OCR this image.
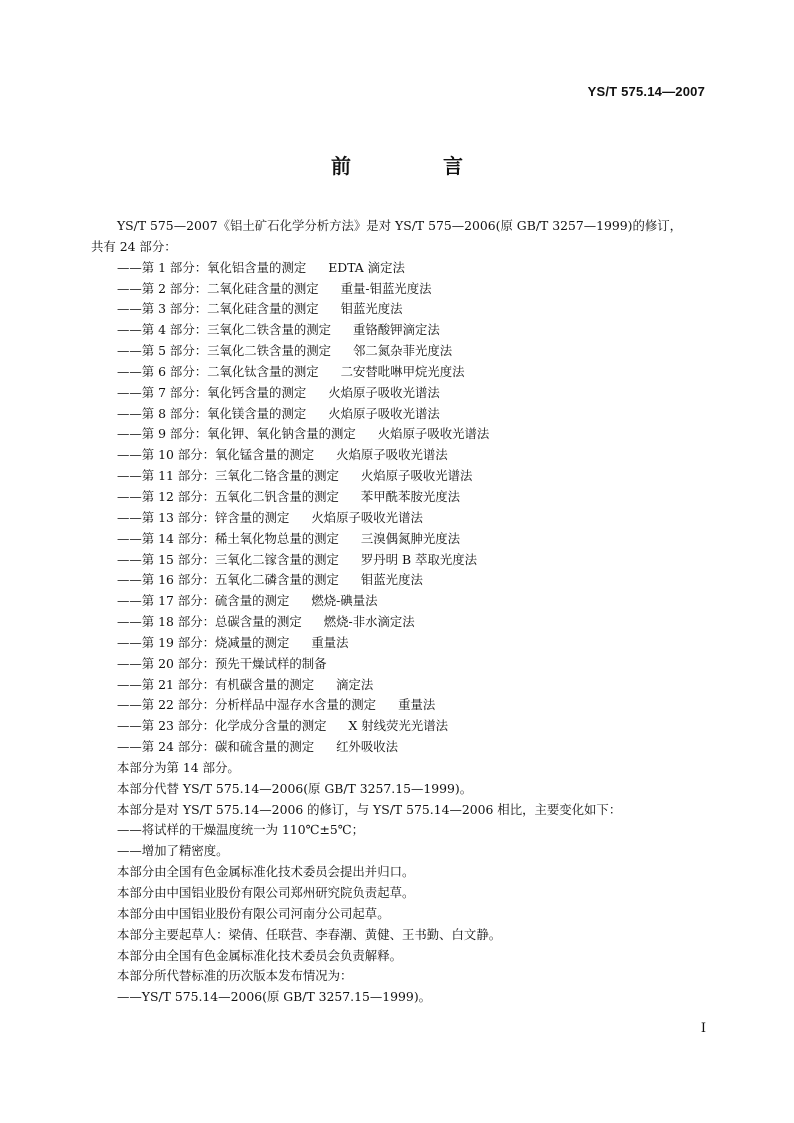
YS/T 575.14—2007
前　言

YS/T 575—2007《铝土矿石化学分析方法》是对 YS/T 575—2006(原 GB/T 3257—1999)的修订，

共有 24 部分：

——第 1 部分：氧化铝含量的测定 EDTA 滴定法

——第 2 部分：二氧化硅含量的测定 重量-钼蓝光度法

——第 3 部分：二氧化硅含量的测定 钼蓝光度法

——第 4 部分：三氧化二铁含量的测定 重铬酸钾滴定法

——第 5 部分：三氧化二铁含量的测定 邻二氮杂菲光度法

——第 6 部分：二氧化钛含量的测定 二安替吡啉甲烷光度法

——第 7 部分：氧化钙含量的测定 火焰原子吸收光谱法

——第 8 部分：氧化镁含量的测定 火焰原子吸收光谱法

——第 9 部分：氧化钾、氧化钠含量的测定 火焰原子吸收光谱法

——第 10 部分：氧化锰含量的测定 火焰原子吸收光谱法

——第 11 部分：三氧化二铬含量的测定 火焰原子吸收光谱法

——第 12 部分：五氧化二钒含量的测定 苯甲酰苯胺光度法

——第 13 部分：锌含量的测定 火焰原子吸收光谱法

——第 14 部分：稀土氧化物总量的测定 三溴偶氮胂光度法

——第 15 部分：三氧化二镓含量的测定 罗丹明 B 萃取光度法

——第 16 部分：五氧化二磷含量的测定 钼蓝光度法

——第 17 部分：硫含量的测定 燃烧-碘量法

——第 18 部分：总碳含量的测定 燃烧-非水滴定法

——第 19 部分：烧减量的测定 重量法

——第 20 部分：预先干燥试样的制备

——第 21 部分：有机碳含量的测定 滴定法

——第 22 部分：分析样品中湿存水含量的测定 重量法

——第 23 部分：化学成分含量的测定 X 射线荧光光谱法

——第 24 部分：碳和硫含量的测定 红外吸收法

本部分为第 14 部分。

本部分代替 YS/T 575.14—2006(原 GB/T 3257.15—1999)。

本部分是对 YS/T 575.14—2006 的修订，与 YS/T 575.14—2006 相比，主要变化如下：

——将试样的干燥温度统一为 110℃±5℃；

——增加了精密度。

本部分由全国有色金属标准化技术委员会提出并归口。

本部分由中国铝业股份有限公司郑州研究院负责起草。

本部分由中国铝业股份有限公司河南分公司起草。

本部分主要起草人：梁倩、任联营、李春潮、黄健、王书勤、白文静。

本部分由全国有色金属标准化技术委员会负责解释。

本部分所代替标准的历次版本发布情况为：

——YS/T 575.14—2006(原 GB/T 3257.15—1999)。

I
